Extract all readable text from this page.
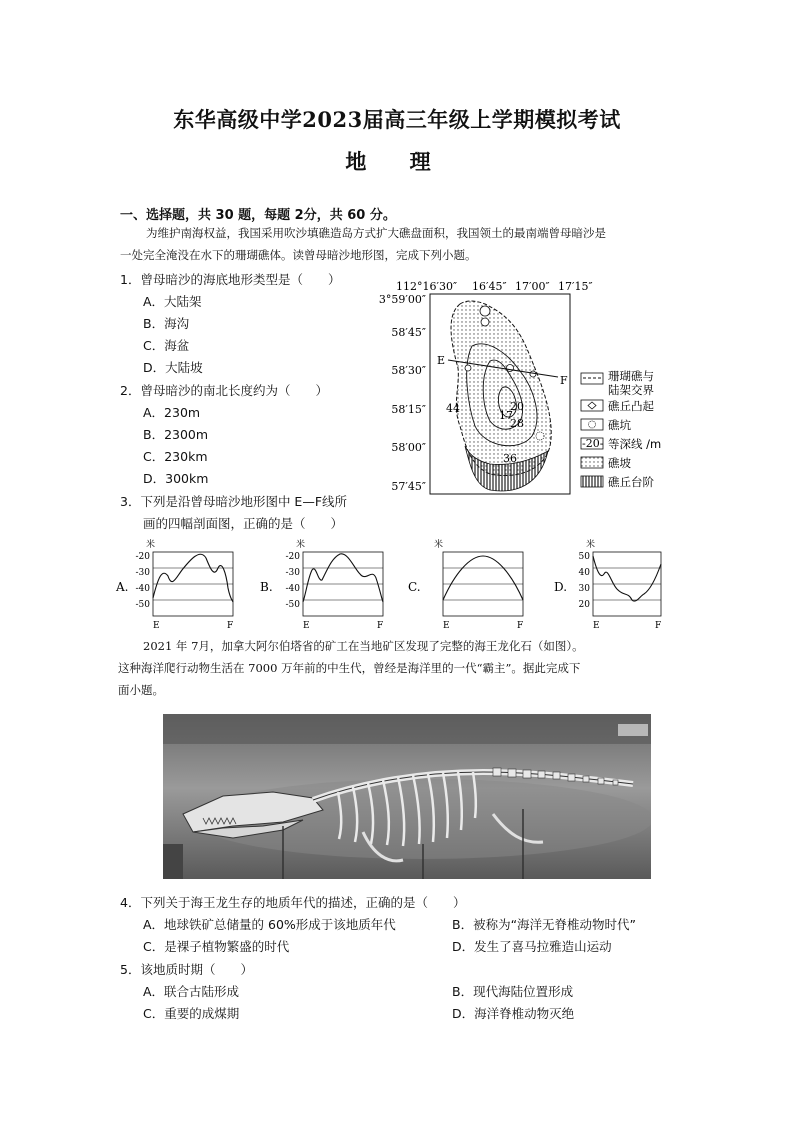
东华高级中学2023届高三年级上学期模拟考试
地 理
一、选择题，共 30 题，每题 2分，共 60 分。
为维护南海权益，我国采用吹沙填礁造岛方式扩大礁盘面积，我国领土的最南端曾母暗沙是
一处完全淹没在水下的珊瑚礁体。读曾母暗沙地形图，完成下列小题。
1．曾母暗沙的海底地形类型是（　　）
A．大陆架
B．海沟
C．海盆
D．大陆坡
2．曾母暗沙的南北长度约为（　　）
A．230m
B．2300m
C．230km
D．300km
3．下列是沿曾母暗沙地形图中 E—F线所
画的四幅剖面图，正确的是（　　）
112°16′30″ 16′45″ 17′00″ 17′15″
3°59′00″
58′45″
58′30″
58′15″
58′00″
57′45″
E
F
44	20
17
28
36
珊瑚礁与
陆架交界
礁丘凸起
礁坑
-20- 等深线 /m
礁坡
礁丘台阶
A.
米
-20
-30
-40
-50
E	F
B.
米
-20
-30
-40
-50
E	F
C.
米
E	F
D.
米
50
40
30
20
E	F
2021 年 7月，加拿大阿尔伯塔省的矿工在当地矿区发现了完整的海王龙化石（如图）。
这种海洋爬行动物生活在 7000 万年前的中生代，曾经是海洋里的一代“霸主”。据此完成下
面小题。
4．下列关于海王龙生存的地质年代的描述，正确的是（　　）
A．地球铁矿总储量的 60%形成于该地质年代	B．被称为“海洋无脊椎动物时代”
C．是裸子植物繁盛的时代	D．发生了喜马拉雅造山运动
5．该地质时期（　　）
A．联合古陆形成	B．现代海陆位置形成
C．重要的成煤期	D．海洋脊椎动物灭绝
